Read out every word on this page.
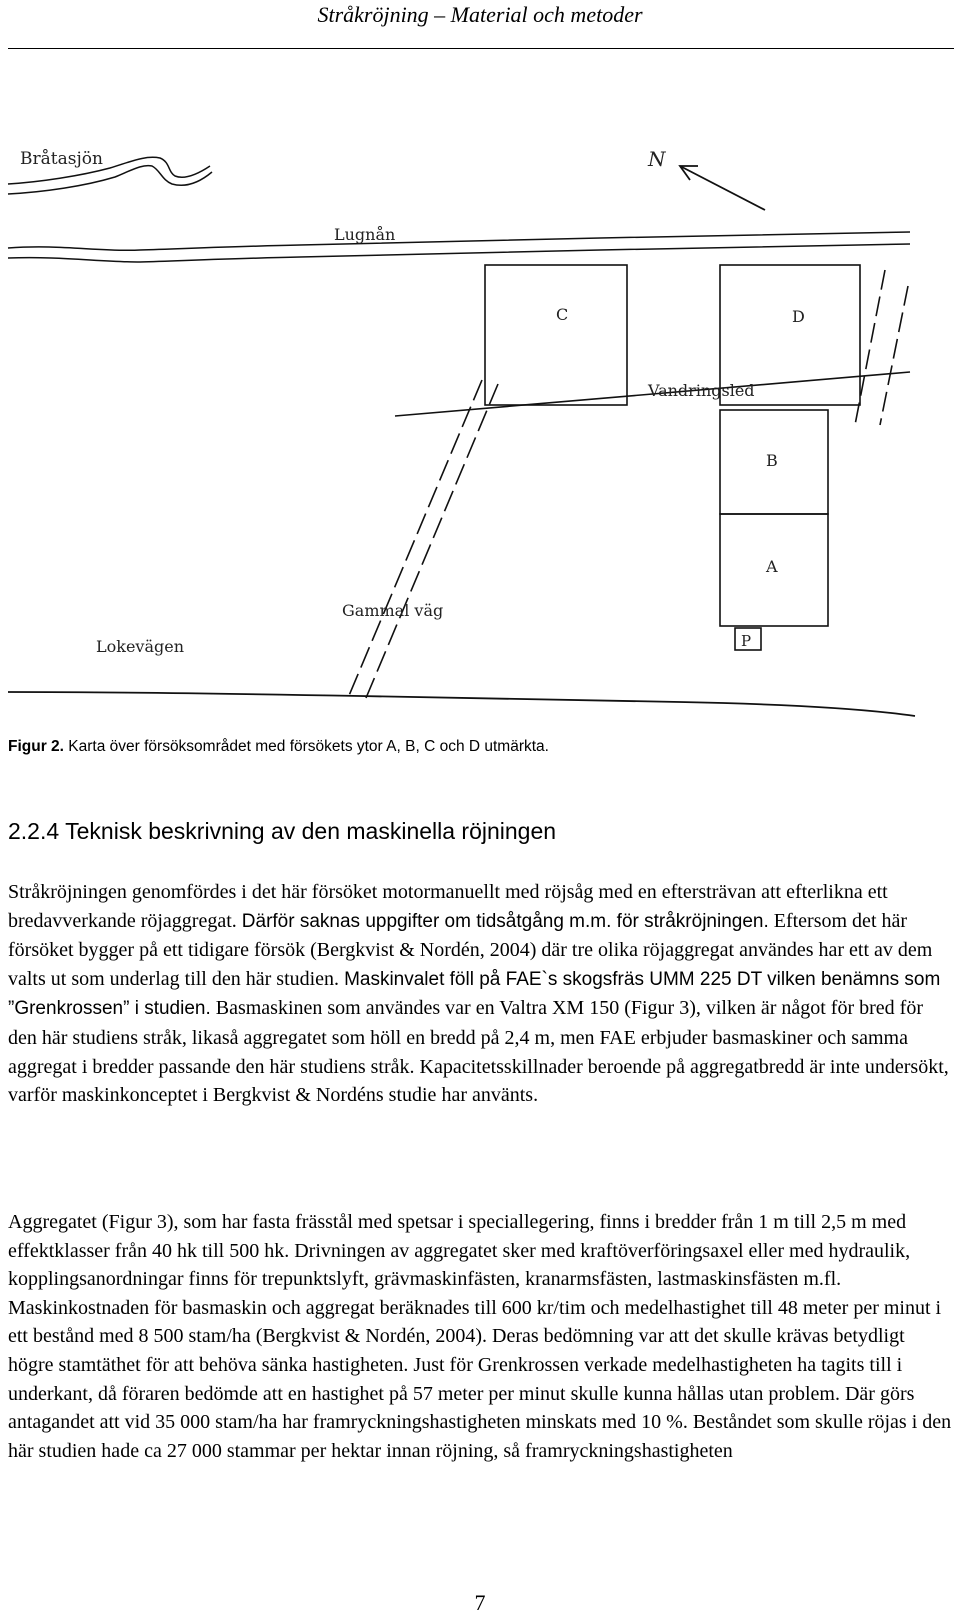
Stråkröjning – Material och metoder
Bråtasjön	N
Lugnån
C	D
Vandringsled
B
A
Gammal väg
Lokevägen	P
Figur 2. Karta över försöksområdet med försökets ytor A, B, C och D utmärkta.
2.2.4 Teknisk beskrivning av den maskinella röjningen

Stråkröjningen genomfördes i det här försöket motormanuellt med röjsåg med en eftersträvan att efterlikna ett bredavverkande röjaggregat. Därför saknas uppgifter om tidsåtgång m.m. för stråkröjningen. Eftersom det här försöket bygger på ett tidigare försök (Bergkvist & Nordén, 2004) där tre olika röjaggregat användes har ett av dem valts ut som underlag till den här studien. Maskinvalet föll på FAE`s skogsfräs UMM 225 DT vilken benämns som ”Grenkrossen” i studien. Basmaskinen som användes var en Valtra XM 150 (Figur 3), vilken är något för bred för den här studiens stråk, likaså aggregatet som höll en bredd på 2,4 m, men FAE erbjuder basmaskiner och samma aggregat i bredder passande den här studiens stråk. Kapacitetsskillnader beroende på aggregatbredd är inte undersökt, varför maskinkonceptet i Bergkvist & Nordéns studie har använts.

Aggregatet (Figur 3), som har fasta frässtål med spetsar i speciallegering, finns i bredder från 1 m till 2,5 m med effektklasser från 40 hk till 500 hk. Drivningen av aggregatet sker med kraftöverföringsaxel eller med hydraulik, kopplingsanordningar finns för trepunktslyft, grävmaskinfästen, kranarmsfästen, lastmaskinsfästen m.fl. Maskinkostnaden för basmaskin och aggregat beräknades till 600 kr/tim och medelhastighet till 48 meter per minut i ett bestånd med 8 500 stam/ha (Bergkvist & Nordén, 2004). Deras bedömning var att det skulle krävas betydligt högre stamtäthet för att behöva sänka hastigheten. Just för Grenkrossen verkade medelhastigheten ha tagits till i underkant, då föraren bedömde att en hastighet på 57 meter per minut skulle kunna hållas utan problem. Där görs antagandet att vid 35 000 stam/ha har framryckningshastigheten minskats med 10 %. Beståndet som skulle röjas i den här studien hade ca 27 000 stammar per hektar innan röjning, så framryckningshastigheten

7
